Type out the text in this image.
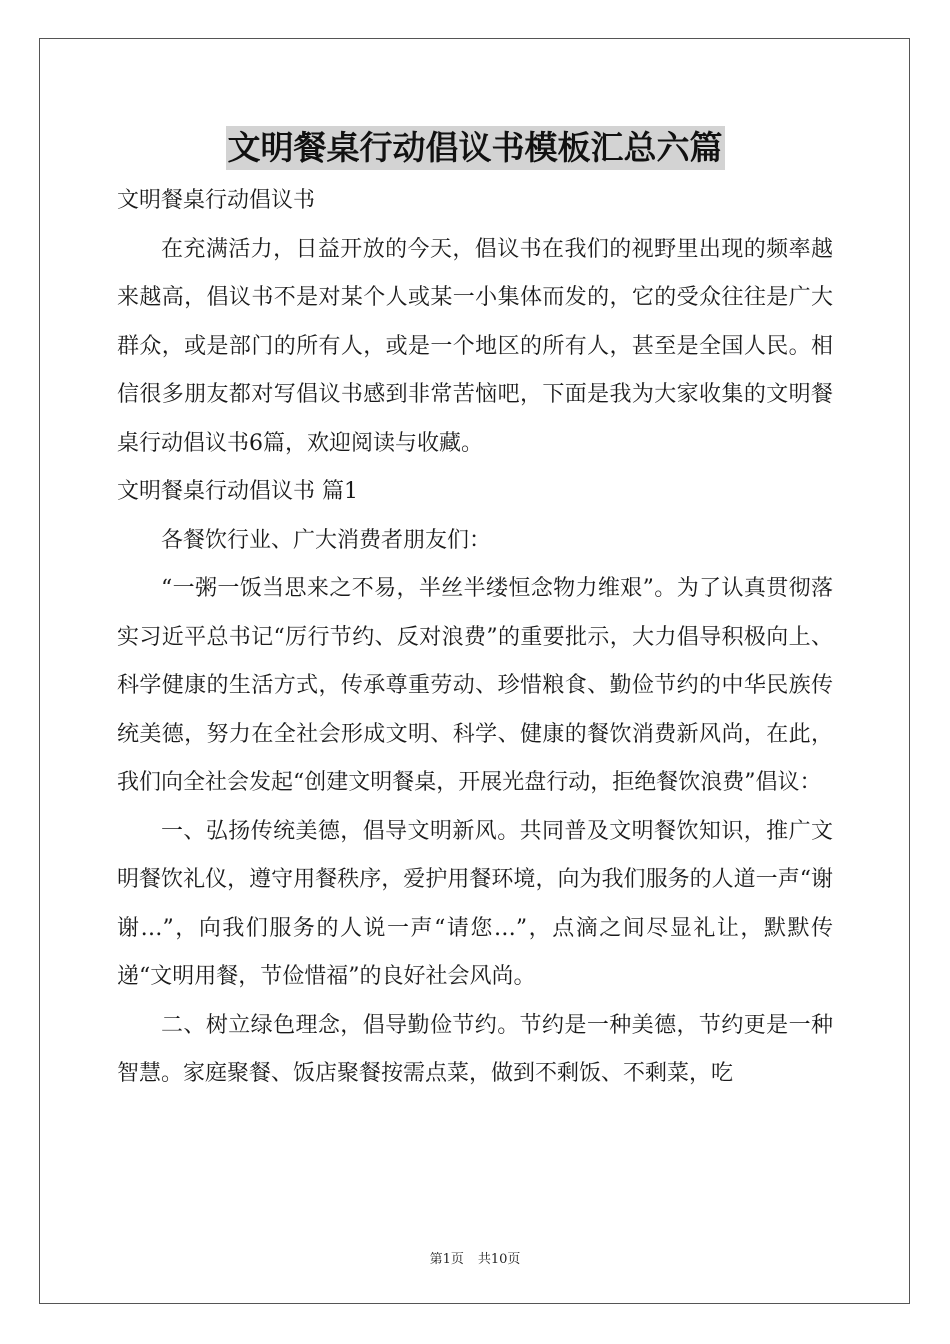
文明餐桌行动倡议书模板汇总六篇

文明餐桌行动倡议书

在充满活力，日益开放的今天，倡议书在我们的视野里出现的频率越来越高，倡议书不是对某个人或某一小集体而发的，它的受众往往是广大群众，或是部门的所有人，或是一个地区的所有人，甚至是全国人民。相信很多朋友都对写倡议书感到非常苦恼吧，下面是我为大家收集的文明餐桌行动倡议书6篇，欢迎阅读与收藏。

文明餐桌行动倡议书 篇1

各餐饮行业、广大消费者朋友们：

“一粥一饭当思来之不易，半丝半缕恒念物力维艰”。为了认真贯彻落实习近平总书记“厉行节约、反对浪费”的重要批示，大力倡导积极向上、科学健康的生活方式，传承尊重劳动、珍惜粮食、勤俭节约的中华民族传统美德，努力在全社会形成文明、科学、健康的餐饮消费新风尚，在此，我们向全社会发起“创建文明餐桌，开展光盘行动，拒绝餐饮浪费”倡议：

一、弘扬传统美德，倡导文明新风。共同普及文明餐饮知识，推广文明餐饮礼仪，遵守用餐秩序，爱护用餐环境，向为我们服务的人道一声“谢谢…”，向我们服务的人说一声“请您…”，点滴之间尽显礼让，默默传递“文明用餐，节俭惜福”的良好社会风尚。

二、树立绿色理念，倡导勤俭节约。节约是一种美德，节约更是一种智慧。家庭聚餐、饭店聚餐按需点菜，做到不剩饭、不剩菜，吃

第1页 共10页
